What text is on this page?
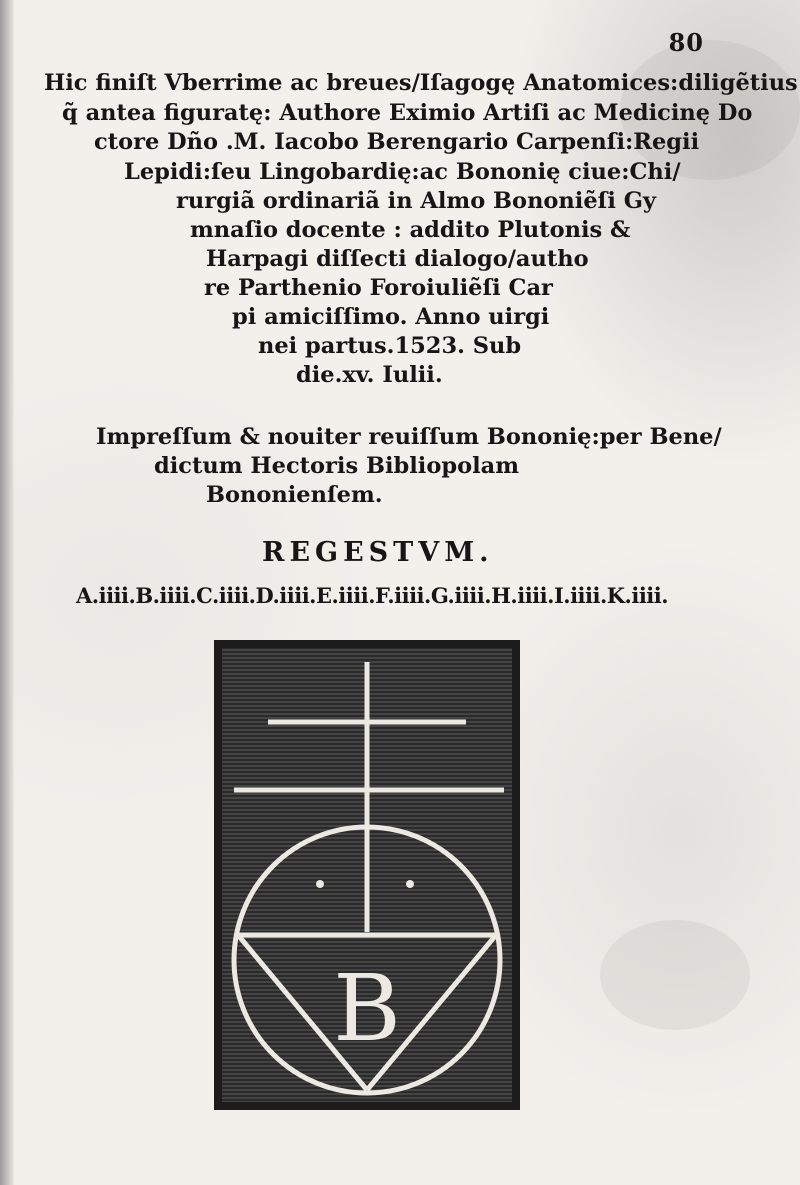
80
Hic finiſt Vberrime ac breues/Iſagogę Anatomices:diligẽtius
q̃ antea figuratę: Authore Eximio Artiſi ac Medicinę Do
ctore Dño .M. Iacobo Berengario Carpenſi:Regii
Lepidi:ſeu Lingobardię:ac Bononię ciue:Chi/
rurgiã ordinariã in Almo Bononiẽſi Gy
mnaſio docente : addito Plutonis &
Harpagi diſſecti dialogo/autho
re Parthenio Foroiuliẽſi Car
pi amiciſſimo. Anno uirgi
nei partus.1523. Sub
die.xv. Iulii.
Impreſſum & nouiter reuiſſum Bononię:per Bene/
dictum Hectoris Bibliopolam
Bononienſem.
REGESTVM.
A.iiii.B.iiii.C.iiii.D.iiii.E.iiii.F.iiii.G.iiii.H.iiii.I.iiii.K.iiii.
B
